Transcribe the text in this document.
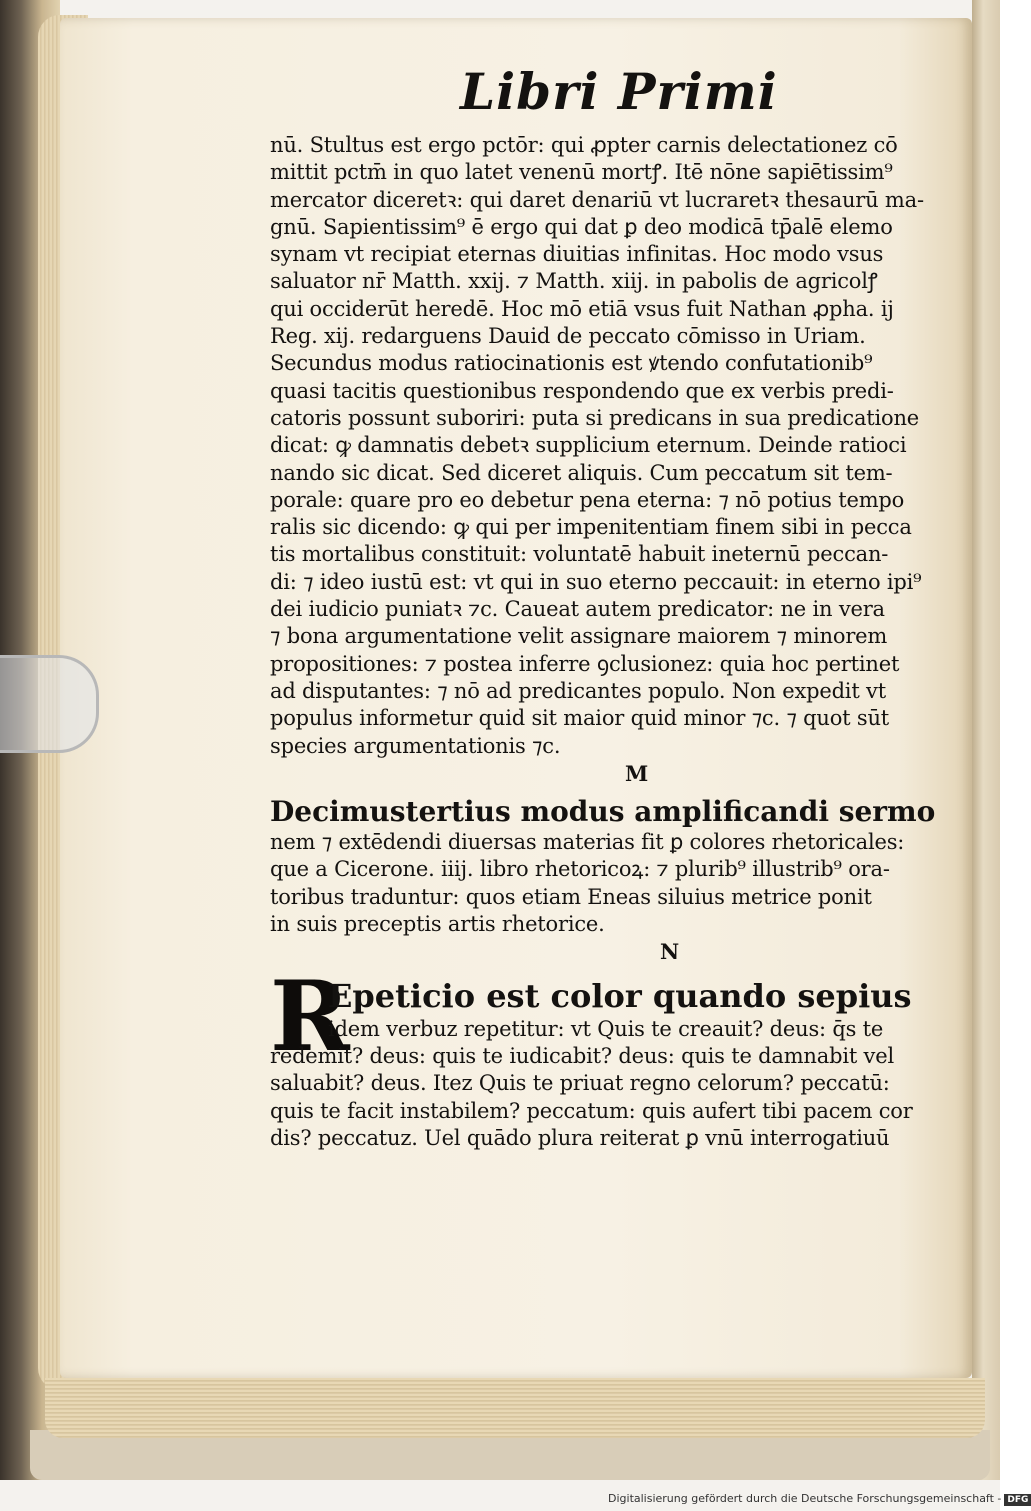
Libri Primi
nū. Stultus est ergo pctōr: qui ꝓpter carnis delectationez cō
mittit pctm̄ in quo latet venenū mortꝭ. Itē nōne sapiētissim⁹
mercator diceretꝛ: qui daret denariū vt lucraretꝛ thesaurū ma-
gnū. Sapientissim⁹ ē ergo qui dat ꝑ deo modicā tp̄alē elemo
synam vt recipiat eternas diuitias infinitas. Hoc modo vsus
saluator nr̄ Matth. xxij. ⁊ Matth. xiij. in pabolis de agricolꝭ
qui occiderūt heredē. Hoc mō etiā vsus fuit Nathan ꝓpha. ij
Reg. xij. redarguens Dauid de peccato cōmisso in Uriam.
Secundus modus ratiocinationis est ꝟtendo confutationib⁹
quasi tacitis questionibus respondendo que ex verbis predi-
catoris possunt suboriri: puta si predicans in sua predicatione
dicat: ꝙ damnatis debetꝛ supplicium eternum. Deinde ratioci
nando sic dicat. Sed diceret aliquis. Cum peccatum sit tem-
porale: quare pro eo debetur pena eterna: ⁊ nō potius tempo
ralis sic dicendo: ꝙ qui per impenitentiam finem sibi in pecca
tis mortalibus constituit: voluntatē habuit ineternū peccan-
di: ⁊ ideo iustū est: vt qui in suo eterno peccauit: in eterno ipi⁹
dei iudicio puniatꝛ ⁊c. Caueat autem predicator: ne in vera
⁊ bona argumentatione velit assignare maiorem ⁊ minorem
propositiones: ⁊ postea inferre ꝯclusionez: quia hoc pertinet
ad disputantes: ⁊ nō ad predicantes populo. Non expedit vt
populus informetur quid sit maior quid minor ⁊c. ⁊ quot sūt
species argumentationis ⁊c.
M
Decimustertius modus amplificandi sermo
nem ⁊ extēdendi diuersas materias fit ꝑ colores rhetoricales:
que a Cicerone. iiij. libro rhetoricoꝝ: ⁊ plurib⁹ illustrib⁹ ora-
toribus traduntur: quos etiam Eneas siluius metrice ponit
in suis preceptis artis rhetorice.
N
R
Epeticio est color quando sepius
idem verbuz repetitur: vt Quis te creauit? deus: q̄s te
redemit? deus: quis te iudicabit? deus: quis te damnabit vel
saluabit? deus. Itez Quis te priuat regno celorum? peccatū:
quis te facit instabilem? peccatum: quis aufert tibi pacem cor
dis? peccatuz. Uel quādo plura reiterat ꝑ vnū interrogatiuū
Digitalisierung gefördert durch die Deutsche Forschungsgemeinschaft - DFG
